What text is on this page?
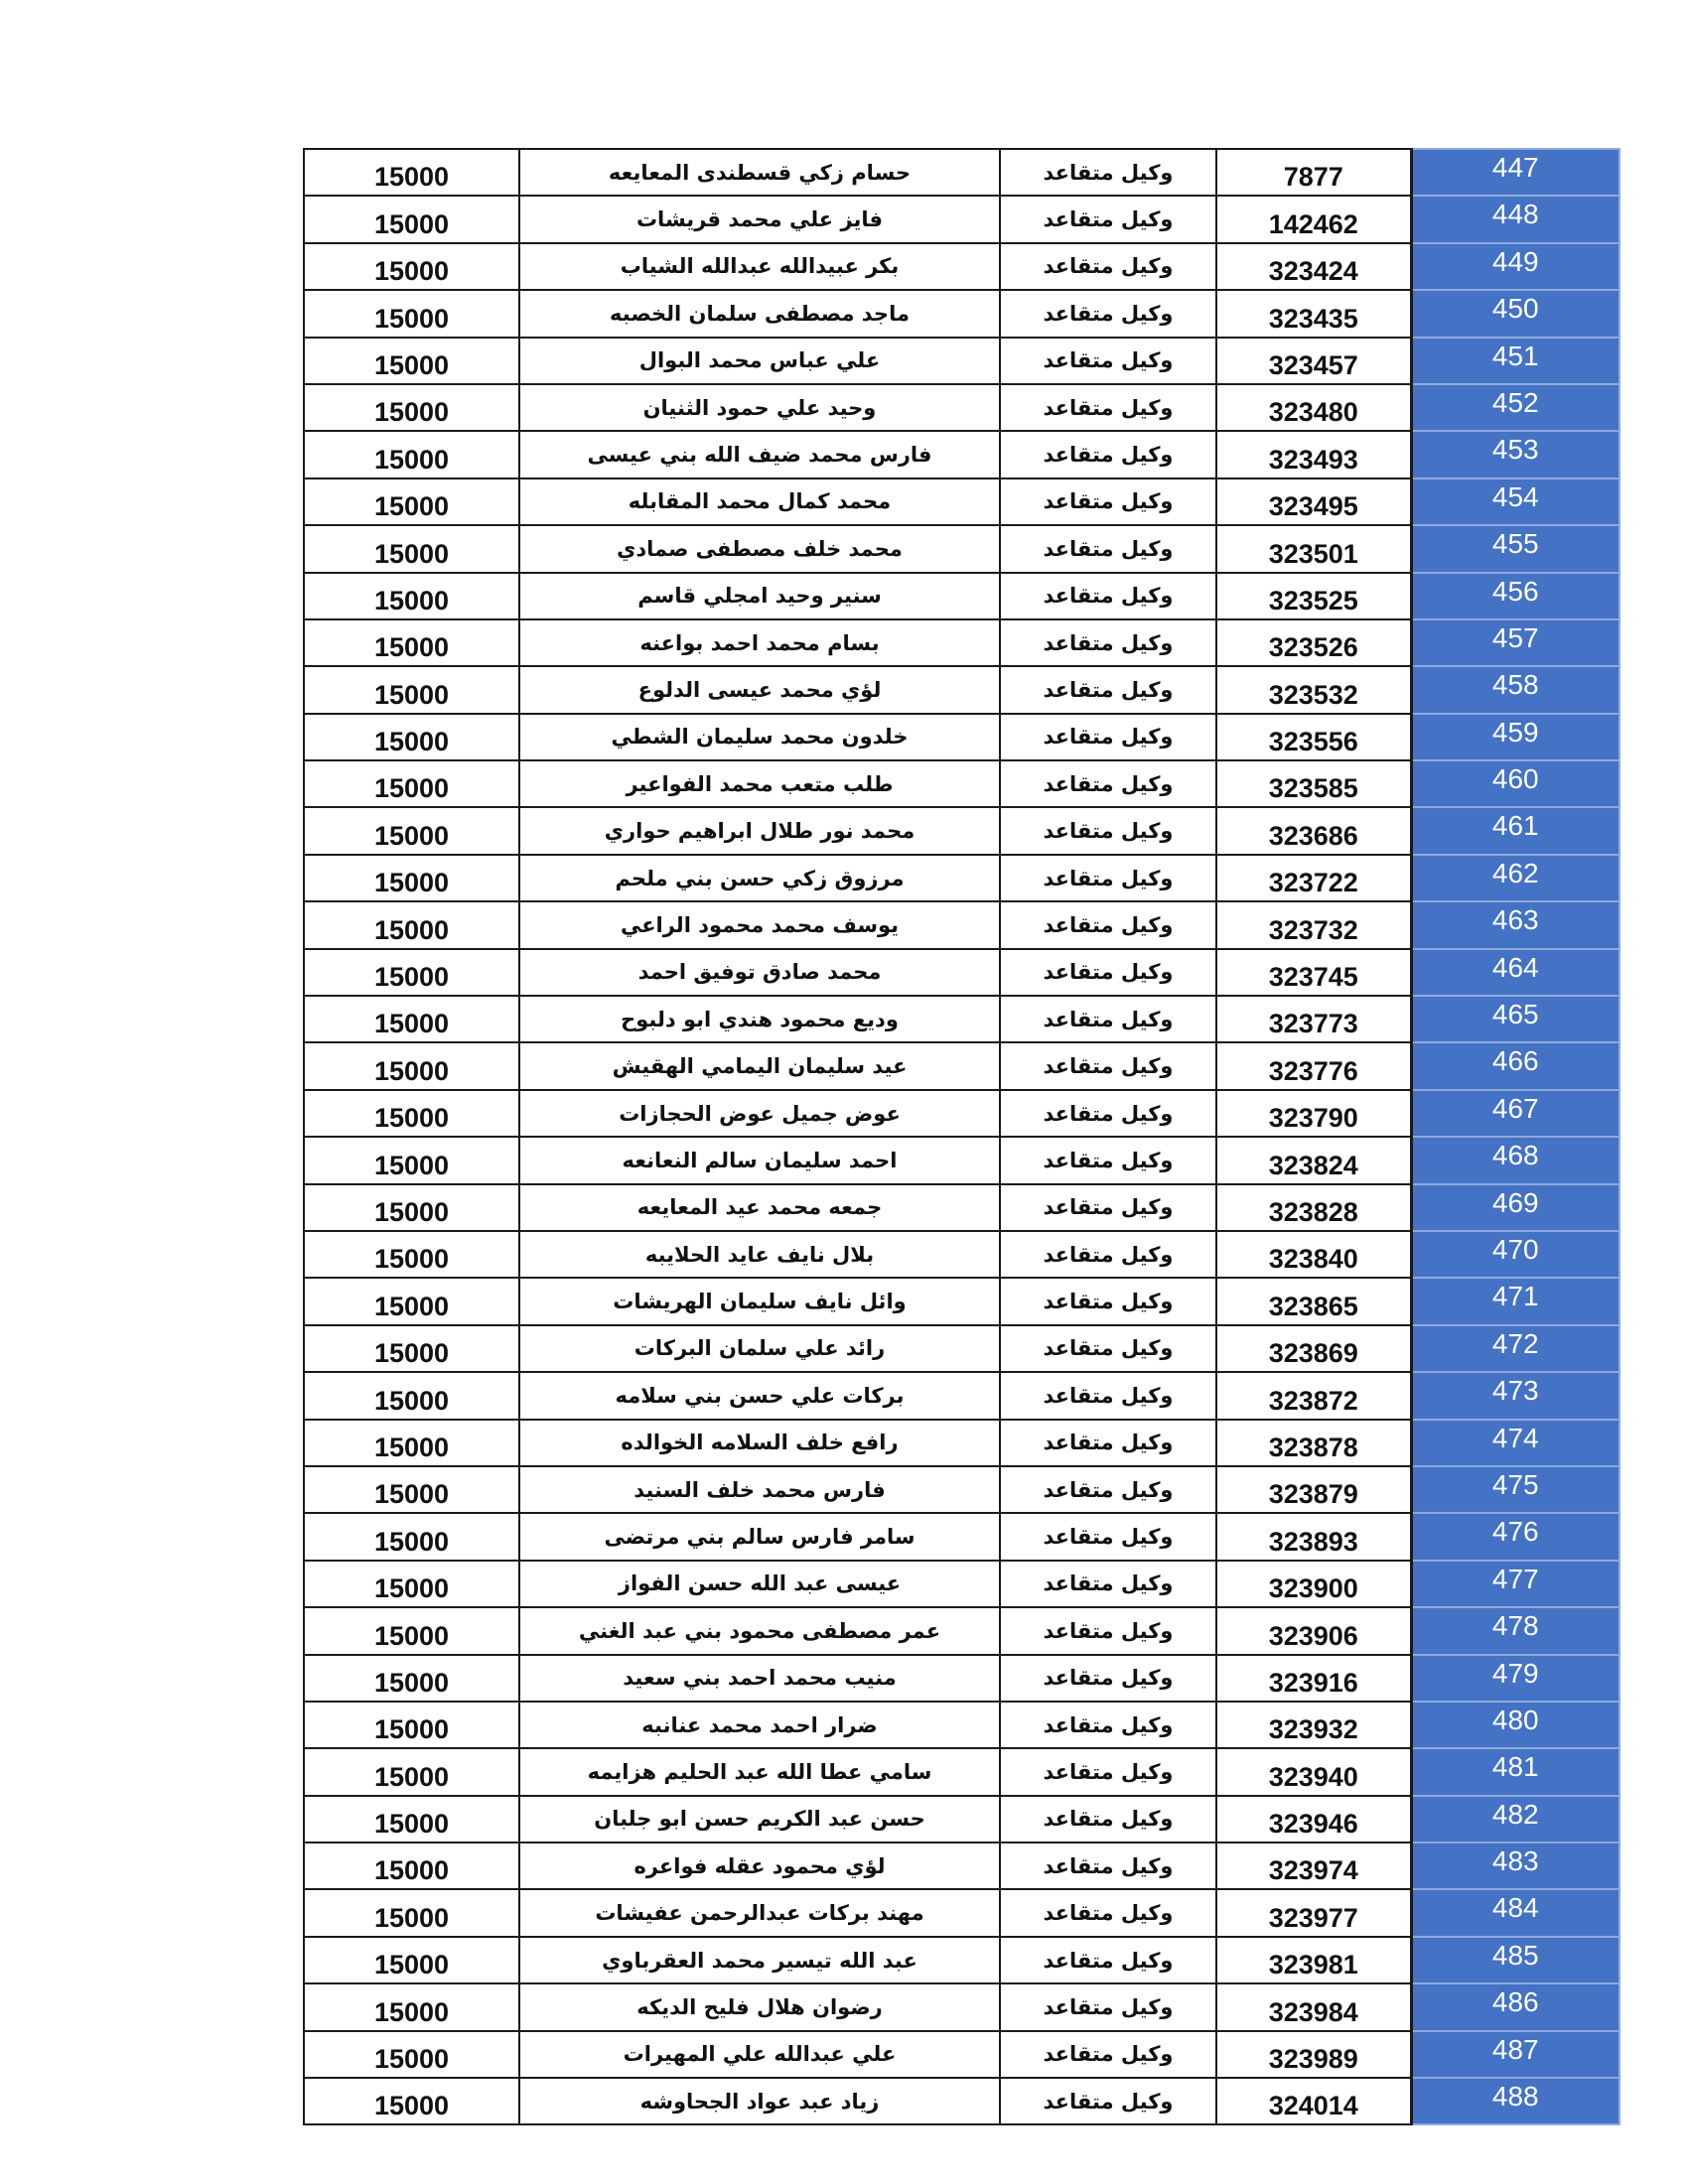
15000	حسام زكي قسطندى المعايعه	وكيل متقاعد	7877	447
15000	فايز علي محمد قريشات	وكيل متقاعد	142462	448
15000	بكر عبيدالله عبدالله الشياب	وكيل متقاعد	323424	449
15000	ماجد مصطفى سلمان الخصبه	وكيل متقاعد	323435	450
15000	علي عباس محمد البوال	وكيل متقاعد	323457	451
15000	وحيد علي حمود الثنيان	وكيل متقاعد	323480	452
15000	فارس محمد ضيف الله بني عيسى	وكيل متقاعد	323493	453
15000	محمد كمال محمد المقابله	وكيل متقاعد	323495	454
15000	محمد خلف مصطفى صمادي	وكيل متقاعد	323501	455
15000	سنير وحيد امجلي قاسم	وكيل متقاعد	323525	456
15000	بسام محمد احمد بواعنه	وكيل متقاعد	323526	457
15000	لؤي محمد عيسى الدلوع	وكيل متقاعد	323532	458
15000	خلدون محمد سليمان الشطي	وكيل متقاعد	323556	459
15000	طلب متعب محمد الفواعير	وكيل متقاعد	323585	460
15000	محمد نور طلال ابراهيم حواري	وكيل متقاعد	323686	461
15000	مرزوق زكي حسن بني ملحم	وكيل متقاعد	323722	462
15000	يوسف محمد محمود الراعي	وكيل متقاعد	323732	463
15000	محمد صادق توفيق احمد	وكيل متقاعد	323745	464
15000	وديع محمود هندي ابو دلبوح	وكيل متقاعد	323773	465
15000	عيد سليمان اليمامي الهقيش	وكيل متقاعد	323776	466
15000	عوض جميل عوض الحجازات	وكيل متقاعد	323790	467
15000	احمد سليمان سالم النعانعه	وكيل متقاعد	323824	468
15000	جمعه محمد عيد المعايعه	وكيل متقاعد	323828	469
15000	بلال نايف عايد الحلايبه	وكيل متقاعد	323840	470
15000	وائل نايف سليمان الهريشات	وكيل متقاعد	323865	471
15000	رائد علي سلمان البركات	وكيل متقاعد	323869	472
15000	بركات علي حسن بني سلامه	وكيل متقاعد	323872	473
15000	رافع خلف السلامه الخوالده	وكيل متقاعد	323878	474
15000	فارس محمد خلف السنيد	وكيل متقاعد	323879	475
15000	سامر فارس سالم بني مرتضى	وكيل متقاعد	323893	476
15000	عيسى عبد الله حسن الفواز	وكيل متقاعد	323900	477
15000	عمر مصطفى محمود بني عبد الغني	وكيل متقاعد	323906	478
15000	منيب محمد احمد بني سعيد	وكيل متقاعد	323916	479
15000	ضرار احمد محمد عنانبه	وكيل متقاعد	323932	480
15000	سامي عطا الله عبد الحليم هزايمه	وكيل متقاعد	323940	481
15000	حسن عبد الكريم حسن ابو جلبان	وكيل متقاعد	323946	482
15000	لؤي محمود عقله فواعره	وكيل متقاعد	323974	483
15000	مهند بركات عبدالرحمن عفيشات	وكيل متقاعد	323977	484
15000	عبد الله تيسير محمد العقرباوي	وكيل متقاعد	323981	485
15000	رضوان هلال فليح الديكه	وكيل متقاعد	323984	486
15000	علي عبدالله علي المهيرات	وكيل متقاعد	323989	487
15000	زياد عبد عواد الجحاوشه	وكيل متقاعد	324014	488
